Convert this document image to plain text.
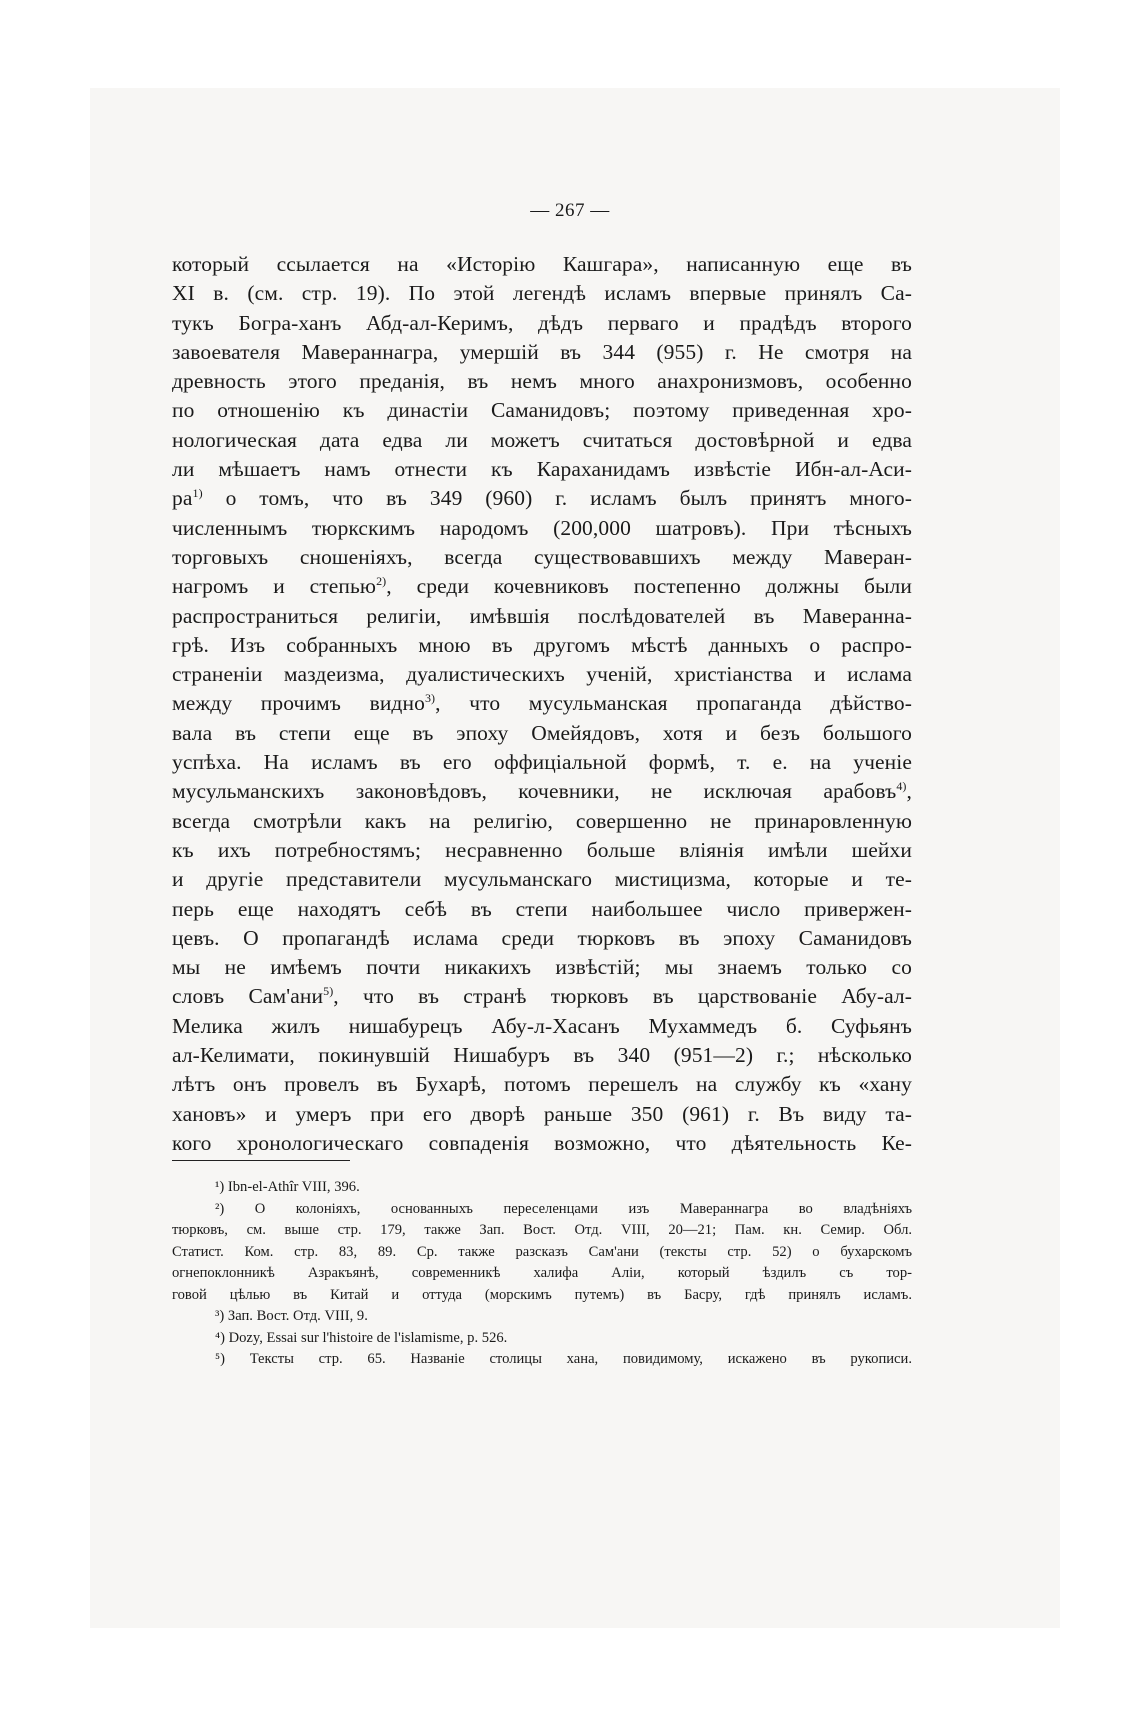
— 267 —
который ссылается на «Исторію Кашгара», написанную еще въ
XI в. (см. стр. 19). По этой легендѣ исламъ впервые принялъ Са-
тукъ Богра-ханъ Абд-ал-Керимъ, дѣдъ перваго и прадѣдъ второго
завоевателя Мавераннагра, умершій въ 344 (955) г. Не смотря на
древность этого преданія, въ немъ много анахронизмовъ, особенно
по отношенію къ династіи Саманидовъ; поэтому приведенная хро-
нологическая дата едва ли можетъ считаться достовѣрной и едва
ли мѣшаетъ намъ отнести къ Караханидамъ извѣстіе Ибн-ал-Аси-
$ра^{1)}$ о томъ, что въ 349 (960) г. исламъ былъ принятъ много-
численнымъ тюркскимъ народомъ (200,000 шатровъ). При тѣсныхъ
торговыхъ сношеніяхъ, всегда существовавшихъ между Маверан-
нагромъ и степью$^{2)}$, среди кочевниковъ постепенно должны были
распространиться религіи, имѣвшія послѣдователей въ Мавераннa-
грѣ. Изъ собранныхъ мною въ другомъ мѣстѣ данныхъ о распро-
страненіи маздеизма, дуалистическихъ ученій, христіанства и ислама
между прочимъ видно$^{3)}$, что мусульманская пропаганда дѣйство-
вала въ степи еще въ эпоху Омейядовъ, хотя и безъ большого
успѣха. На исламъ въ его оффиціальной формѣ, т. е. на ученіе
мусульманскихъ законовѣдовъ, кочевники, не исключая арабовъ$^{4)}$,
всегда смотрѣли какъ на религію, совершенно не принаровленную
къ ихъ потребностямъ; несравненно больше вліянія имѣли шейхи
и другіе представители мусульманскаго мистицизма, которые и те-
перь еще находятъ себѣ въ степи наибольшее число привержен-
цевъ. О пропагандѣ ислама среди тюрковъ въ эпоху Саманидовъ
мы не имѣемъ почти никакихъ извѣстій; мы знаемъ только со
словъ Сам'ани$^{5)}$, что въ странѣ тюрковъ въ царствованіе Абу-ал-
Мелика жилъ нишабурецъ Абу-л-Хасанъ Мухаммедъ б. Суфьянъ
ал-Келимати, покинувшій Нишабуръ въ 340 (951—2) г.; нѣсколько
лѣтъ онъ провелъ въ Бухарѣ, потомъ перешелъ на службу къ «хану
хановъ» и умеръ при его дворѣ раньше 350 (961) г. Въ виду та-
кого хронологическаго совпаденія возможно, что дѣятельность Ке-
¹) Ibn-el-Athîr VIII, 396.
²) О колоніяхъ, основанныхъ переселенцами изъ Мавераннагра во владѣніяхъ
тюрковъ, см. выше стр. 179, также Зап. Вост. Отд. VIII, 20—21; Пам. кн. Семир. Обл.
Статист. Ком. стр. 83, 89. Ср. также разсказъ Сам'ани (тексты стр. 52) о бухарскомъ
огнепоклонникѣ Азракъянѣ, современникѣ халифа Аліи, который ѣздилъ съ тор-
говой цѣлью въ Китай и оттуда (морскимъ путемъ) въ Басру, гдѣ принялъ исламъ.
³) Зап. Вост. Отд. VIII, 9.
⁴) Dozy, Essai sur l'histoire de l'islamisme, p. 526.
⁵) Тексты стр. 65. Названіе столицы хана, повидимому, искажено въ рукописи.
